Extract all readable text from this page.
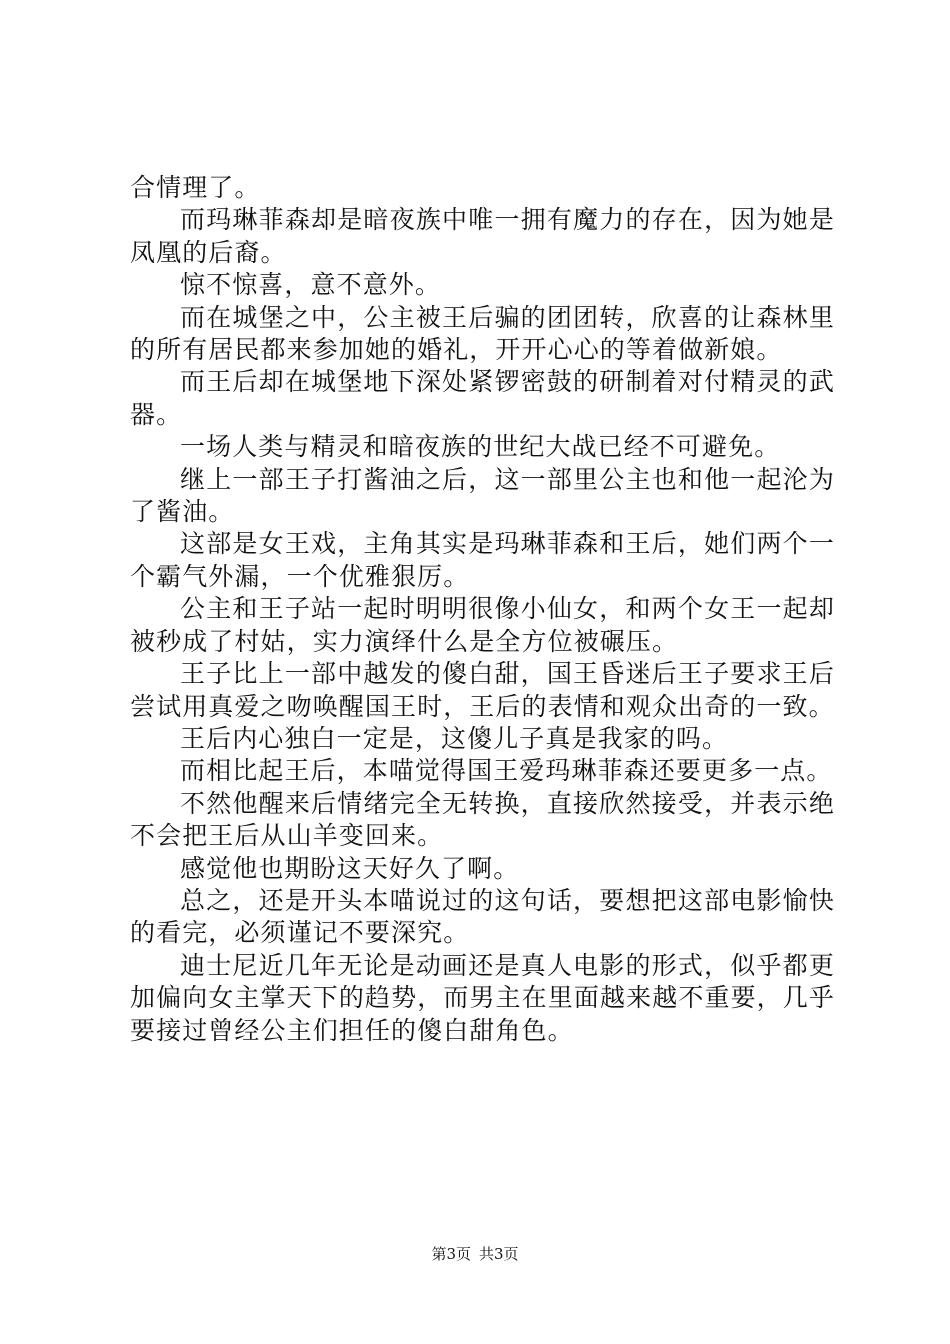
合情理了。

而玛琳菲森却是暗夜族中唯一拥有魔力的存在，因为她是凤凰的后裔。

惊不惊喜，意不意外。

而在城堡之中，公主被王后骗的团团转，欣喜的让森林里的所有居民都来参加她的婚礼，开开心心的等着做新娘。

而王后却在城堡地下深处紧锣密鼓的研制着对付精灵的武器。

一场人类与精灵和暗夜族的世纪大战已经不可避免。

继上一部王子打酱油之后，这一部里公主也和他一起沦为了酱油。

这部是女王戏，主角其实是玛琳菲森和王后，她们两个一个霸气外漏，一个优雅狠厉。

公主和王子站一起时明明很像小仙女，和两个女王一起却被秒成了村姑，实力演绎什么是全方位被碾压。

王子比上一部中越发的傻白甜，国王昏迷后王子要求王后尝试用真爱之吻唤醒国王时，王后的表情和观众出奇的一致。

王后内心独白一定是，这傻儿子真是我家的吗。

而相比起王后，本喵觉得国王爱玛琳菲森还要更多一点。

不然他醒来后情绪完全无转换，直接欣然接受，并表示绝不会把王后从山羊变回来。

感觉他也期盼这天好久了啊。

总之，还是开头本喵说过的这句话，要想把这部电影愉快的看完，必须谨记不要深究。

迪士尼近几年无论是动画还是真人电影的形式，似乎都更加偏向女主掌天下的趋势，而男主在里面越来越不重要，几乎要接过曾经公主们担任的傻白甜角色。

第3页 共3页
